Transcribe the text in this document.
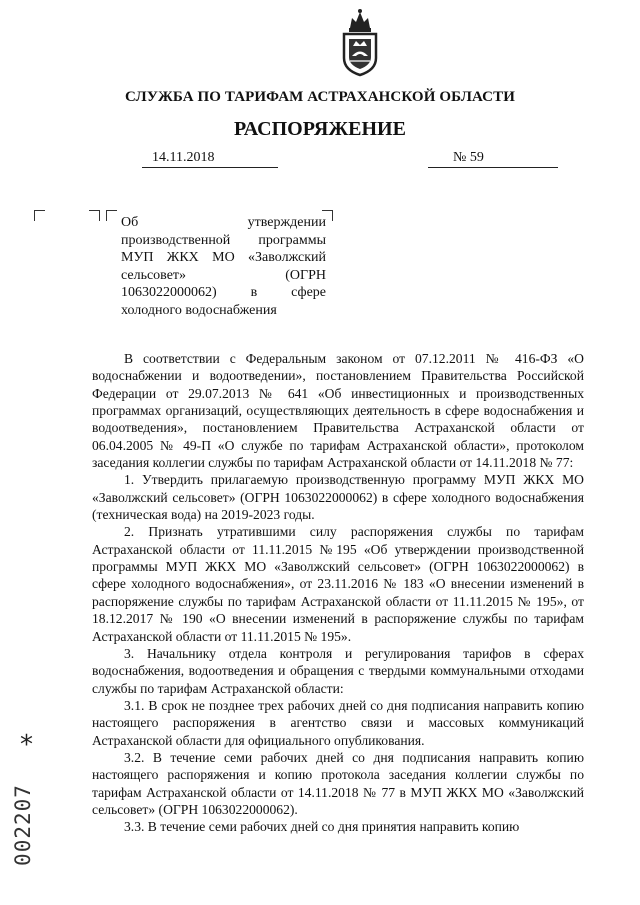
СЛУЖБА ПО ТАРИФАМ АСТРАХАНСКОЙ ОБЛАСТИ
РАСПОРЯЖЕНИЕ
14.11.2018	№ 59

Об утверждении производственной программы МУП ЖКХ МО «Заволжский сельсовет» (ОГРН 1063022000062) в сфере холодного водоснабжения

В соответствии с Федеральным законом от 07.12.2011 № 416-ФЗ «О водоснабжении и водоотведении», постановлением Правительства Российской Федерации от 29.07.2013 № 641 «Об инвестиционных и производственных программах организаций, осуществляющих деятельность в сфере водоснабжения и водоотведения», постановлением Правительства Астраханской области от 06.04.2005 № 49-П «О службе по тарифам Астраханской области», протоколом заседания коллегии службы по тарифам Астраханской области от 14.11.2018 № 77:

1. Утвердить прилагаемую производственную программу МУП ЖКХ МО «Заволжский сельсовет» (ОГРН 1063022000062) в сфере холодного водоснабжения (техническая вода) на 2019-2023 годы.

2. Признать утратившими силу распоряжения службы по тарифам Астраханской области от 11.11.2015 №195 «Об утверждении производственной программы МУП ЖКХ МО «Заволжский сельсовет» (ОГРН 1063022000062) в сфере холодного водоснабжения», от 23.11.2016 № 183 «О внесении изменений в распоряжение службы по тарифам Астраханской области от 11.11.2015 № 195», от 18.12.2017 № 190 «О внесении изменений в распоряжение службы по тарифам Астраханской области от 11.11.2015 № 195».

3. Начальнику отдела контроля и регулирования тарифов в сферах водоснабжения, водоотведения и обращения с твердыми коммунальными отходами службы по тарифам Астраханской области:

3.1. В срок не позднее трех рабочих дней со дня подписания направить копию настоящего распоряжения в агентство связи и массовых коммуникаций Астраханской области для официального опубликования.

3.2. В течение семи рабочих дней со дня подписания направить копию настоящего распоряжения и копию протокола заседания коллегии службы по тарифам Астраханской области от 14.11.2018 № 77 в МУП ЖКХ МО «Заволжский сельсовет» (ОГРН 1063022000062).

3.3. В течение семи рабочих дней со дня принятия направить копию

*
002207
